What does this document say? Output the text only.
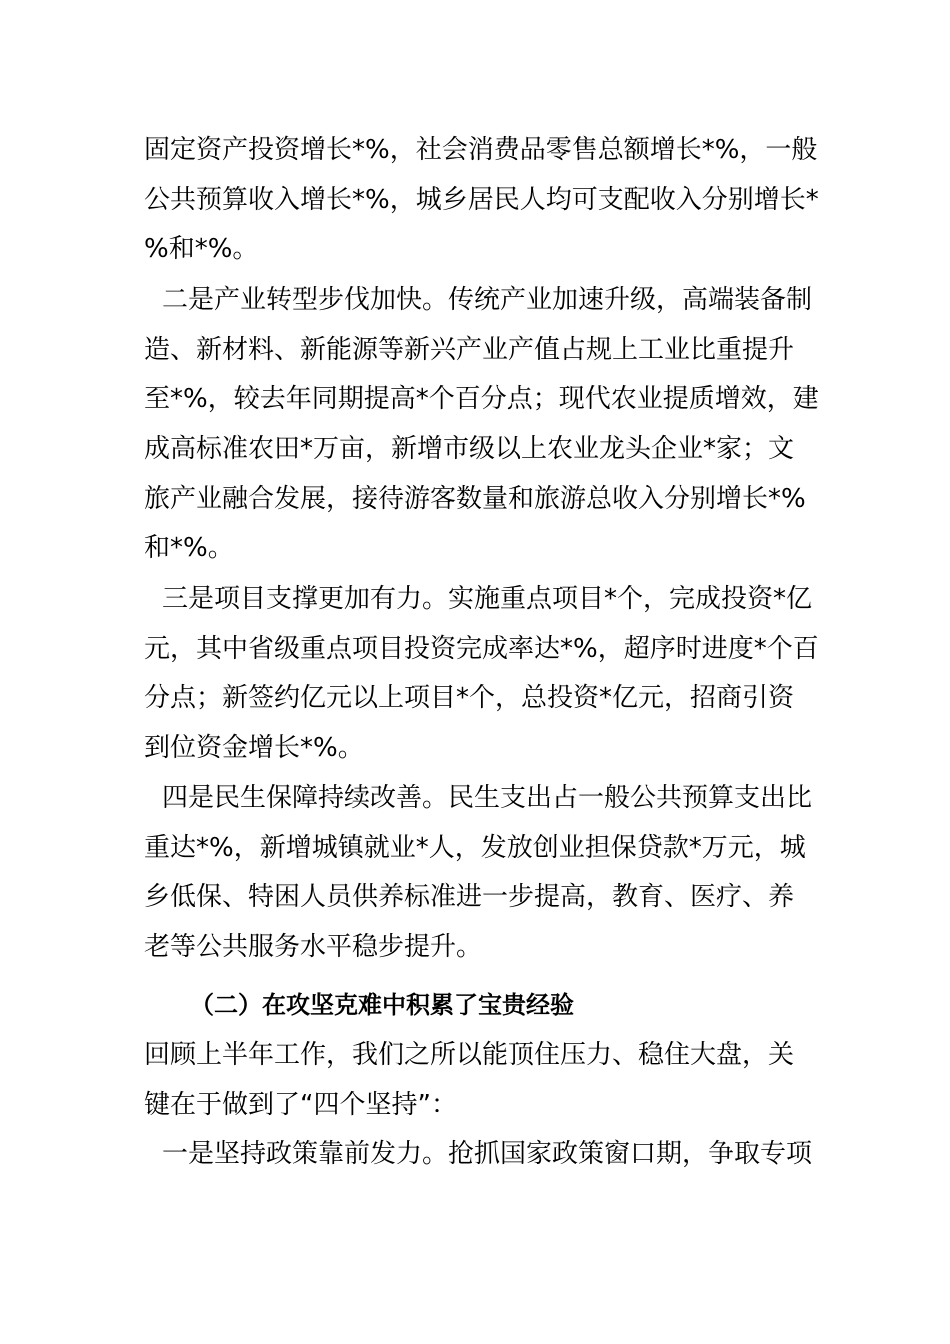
固定资产投资增长*%，社会消费品零售总额增长*%，一般
公共预算收入增长*%，城乡居民人均可支配收入分别增长*
%和*%。
二是产业转型步伐加快。传统产业加速升级，高端装备制
造、新材料、新能源等新兴产业产值占规上工业比重提升
至*%，较去年同期提高*个百分点；现代农业提质增效，建
成高标准农田*万亩，新增市级以上农业龙头企业*家；文
旅产业融合发展，接待游客数量和旅游总收入分别增长*%
和*%。
三是项目支撑更加有力。实施重点项目*个，完成投资*亿
元，其中省级重点项目投资完成率达*%，超序时进度*个百
分点；新签约亿元以上项目*个，总投资*亿元，招商引资
到位资金增长*%。
四是民生保障持续改善。民生支出占一般公共预算支出比
重达*%，新增城镇就业*人，发放创业担保贷款*万元，城
乡低保、特困人员供养标准进一步提高，教育、医疗、养
老等公共服务水平稳步提升。
（二）在攻坚克难中积累了宝贵经验
回顾上半年工作，我们之所以能顶住压力、稳住大盘，关
键在于做到了“四个坚持”：
一是坚持政策靠前发力。抢抓国家政策窗口期，争取专项
